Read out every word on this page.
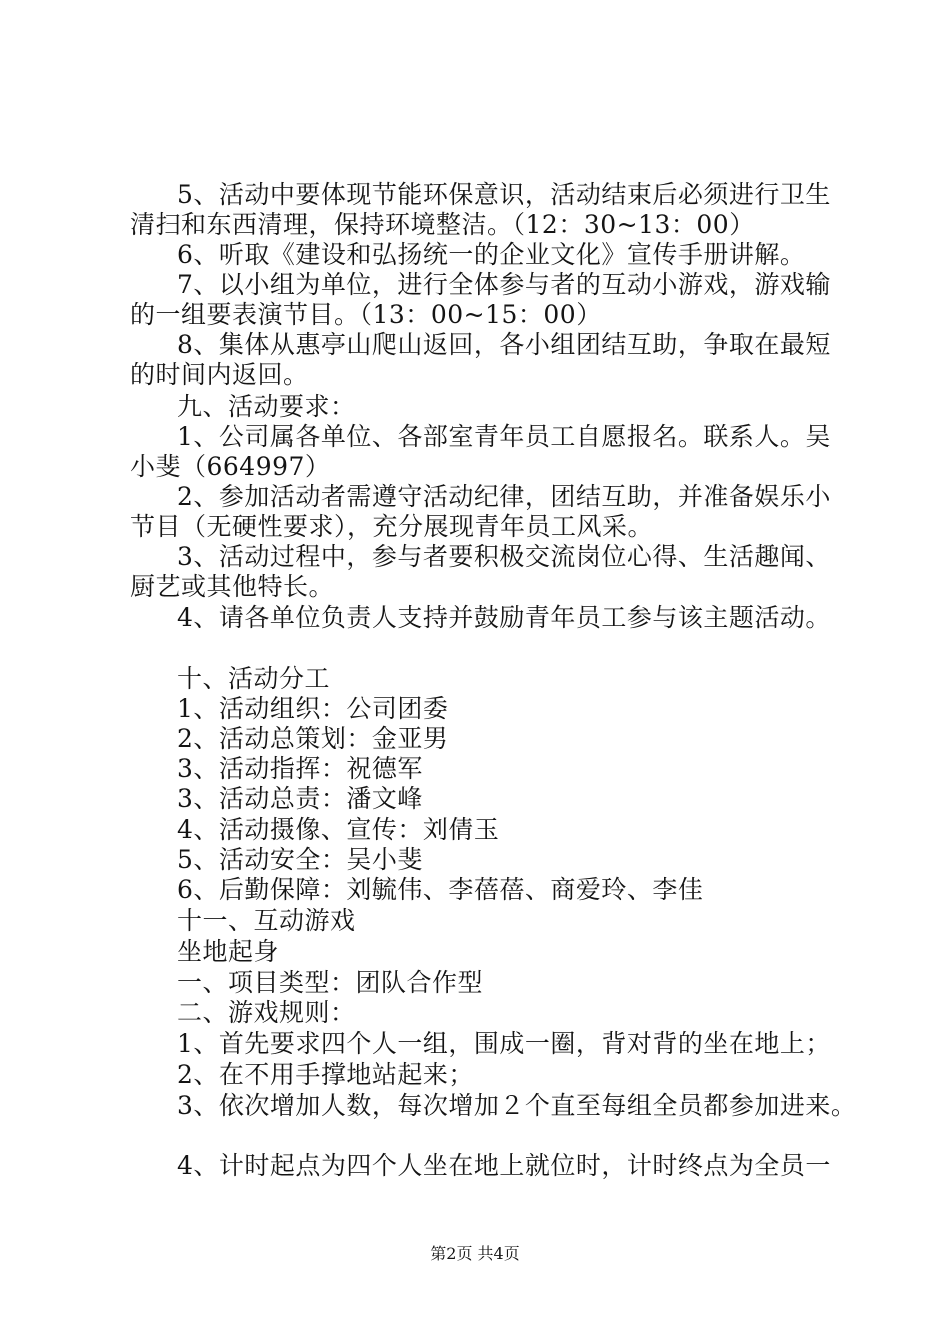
5、活动中要体现节能环保意识，活动结束后必须进行卫生
清扫和东西清理，保持环境整洁。（12：30~13：00）
6、听取《建设和弘扬统一的企业文化》宣传手册讲解。
7、以小组为单位，进行全体参与者的互动小游戏，游戏输
的一组要表演节目。（13：00~15：00）
8、集体从惠亭山爬山返回，各小组团结互助，争取在最短
的时间内返回。
九、活动要求：
1、公司属各单位、各部室青年员工自愿报名。联系人。吴
小斐（664997）
2、参加活动者需遵守活动纪律，团结互助，并准备娱乐小
节目（无硬性要求），充分展现青年员工风采。
3、活动过程中，参与者要积极交流岗位心得、生活趣闻、
厨艺或其他特长。
4、请各单位负责人支持并鼓励青年员工参与该主题活动。
十、活动分工
1、活动组织：公司团委
2、活动总策划：金亚男
3、活动指挥：祝德军
3、活动总责：潘文峰
4、活动摄像、宣传：刘倩玉
5、活动安全：吴小斐
6、后勤保障：刘毓伟、李蓓蓓、商爱玲、李佳
十一、互动游戏
坐地起身
一、项目类型：团队合作型
二、游戏规则：
1、首先要求四个人一组，围成一圈，背对背的坐在地上；
2、在不用手撑地站起来；
3、依次增加人数，每次增加２个直至每组全员都参加进来。
4、计时起点为四个人坐在地上就位时，计时终点为全员一
第2页 共4页
